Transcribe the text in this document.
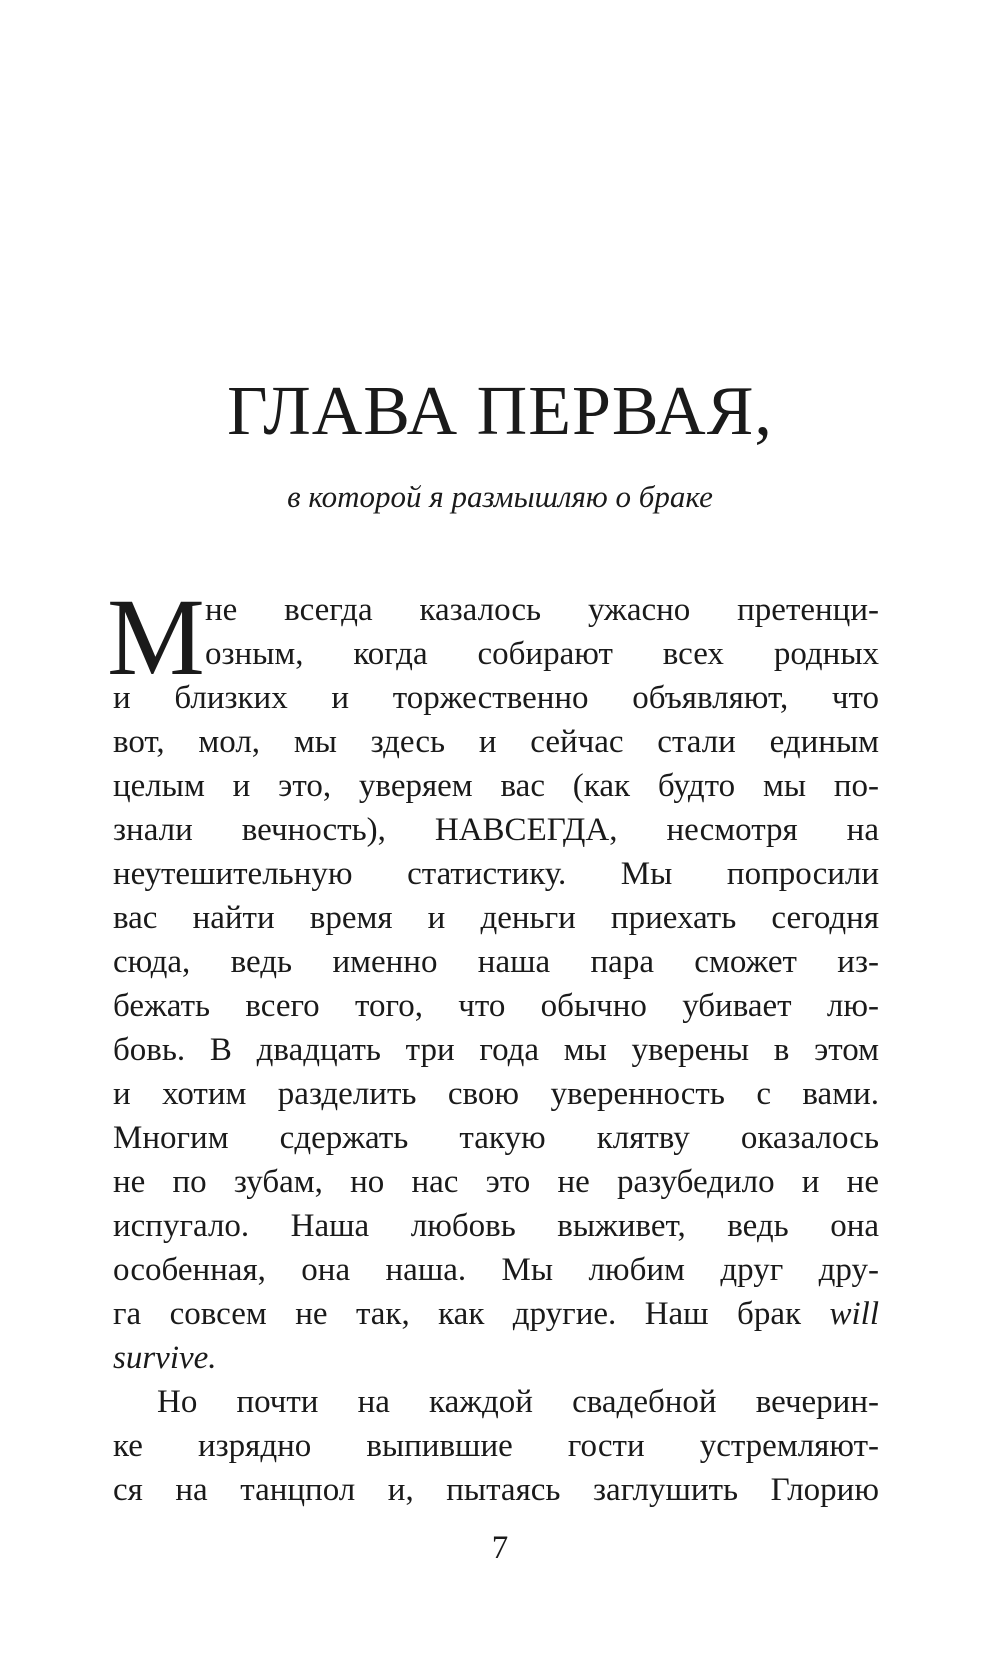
ГЛАВА ПЕРВАЯ,

в которой я размышляю о браке

М не всегда казалось ужасно претенци-
озным, когда собирают всех родных
и близких и торжественно объявляют, что
вот, мол, мы здесь и сейчас стали единым
целым и это, уверяем вас (как будто мы по-
знали вечность), НАВСЕГДА, несмотря на
неутешительную статистику. Мы попросили
вас найти время и деньги приехать сегодня
сюда, ведь именно наша пара сможет из-
бежать всего того, что обычно убивает лю-
бовь. В двадцать три года мы уверены в этом
и хотим разделить свою уверенность с вами.
Многим сдержать такую клятву оказалось
не по зубам, но нас это не разубедило и не
испугало. Наша любовь выживет, ведь она
особенная, она наша. Мы любим друг дру-
га совсем не так, как другие. Наш брак will
survive.
Но почти на каждой свадебной вечерин-
ке изрядно выпившие гости устремляют-
ся на танцпол и, пытаясь заглушить Глорию
7
